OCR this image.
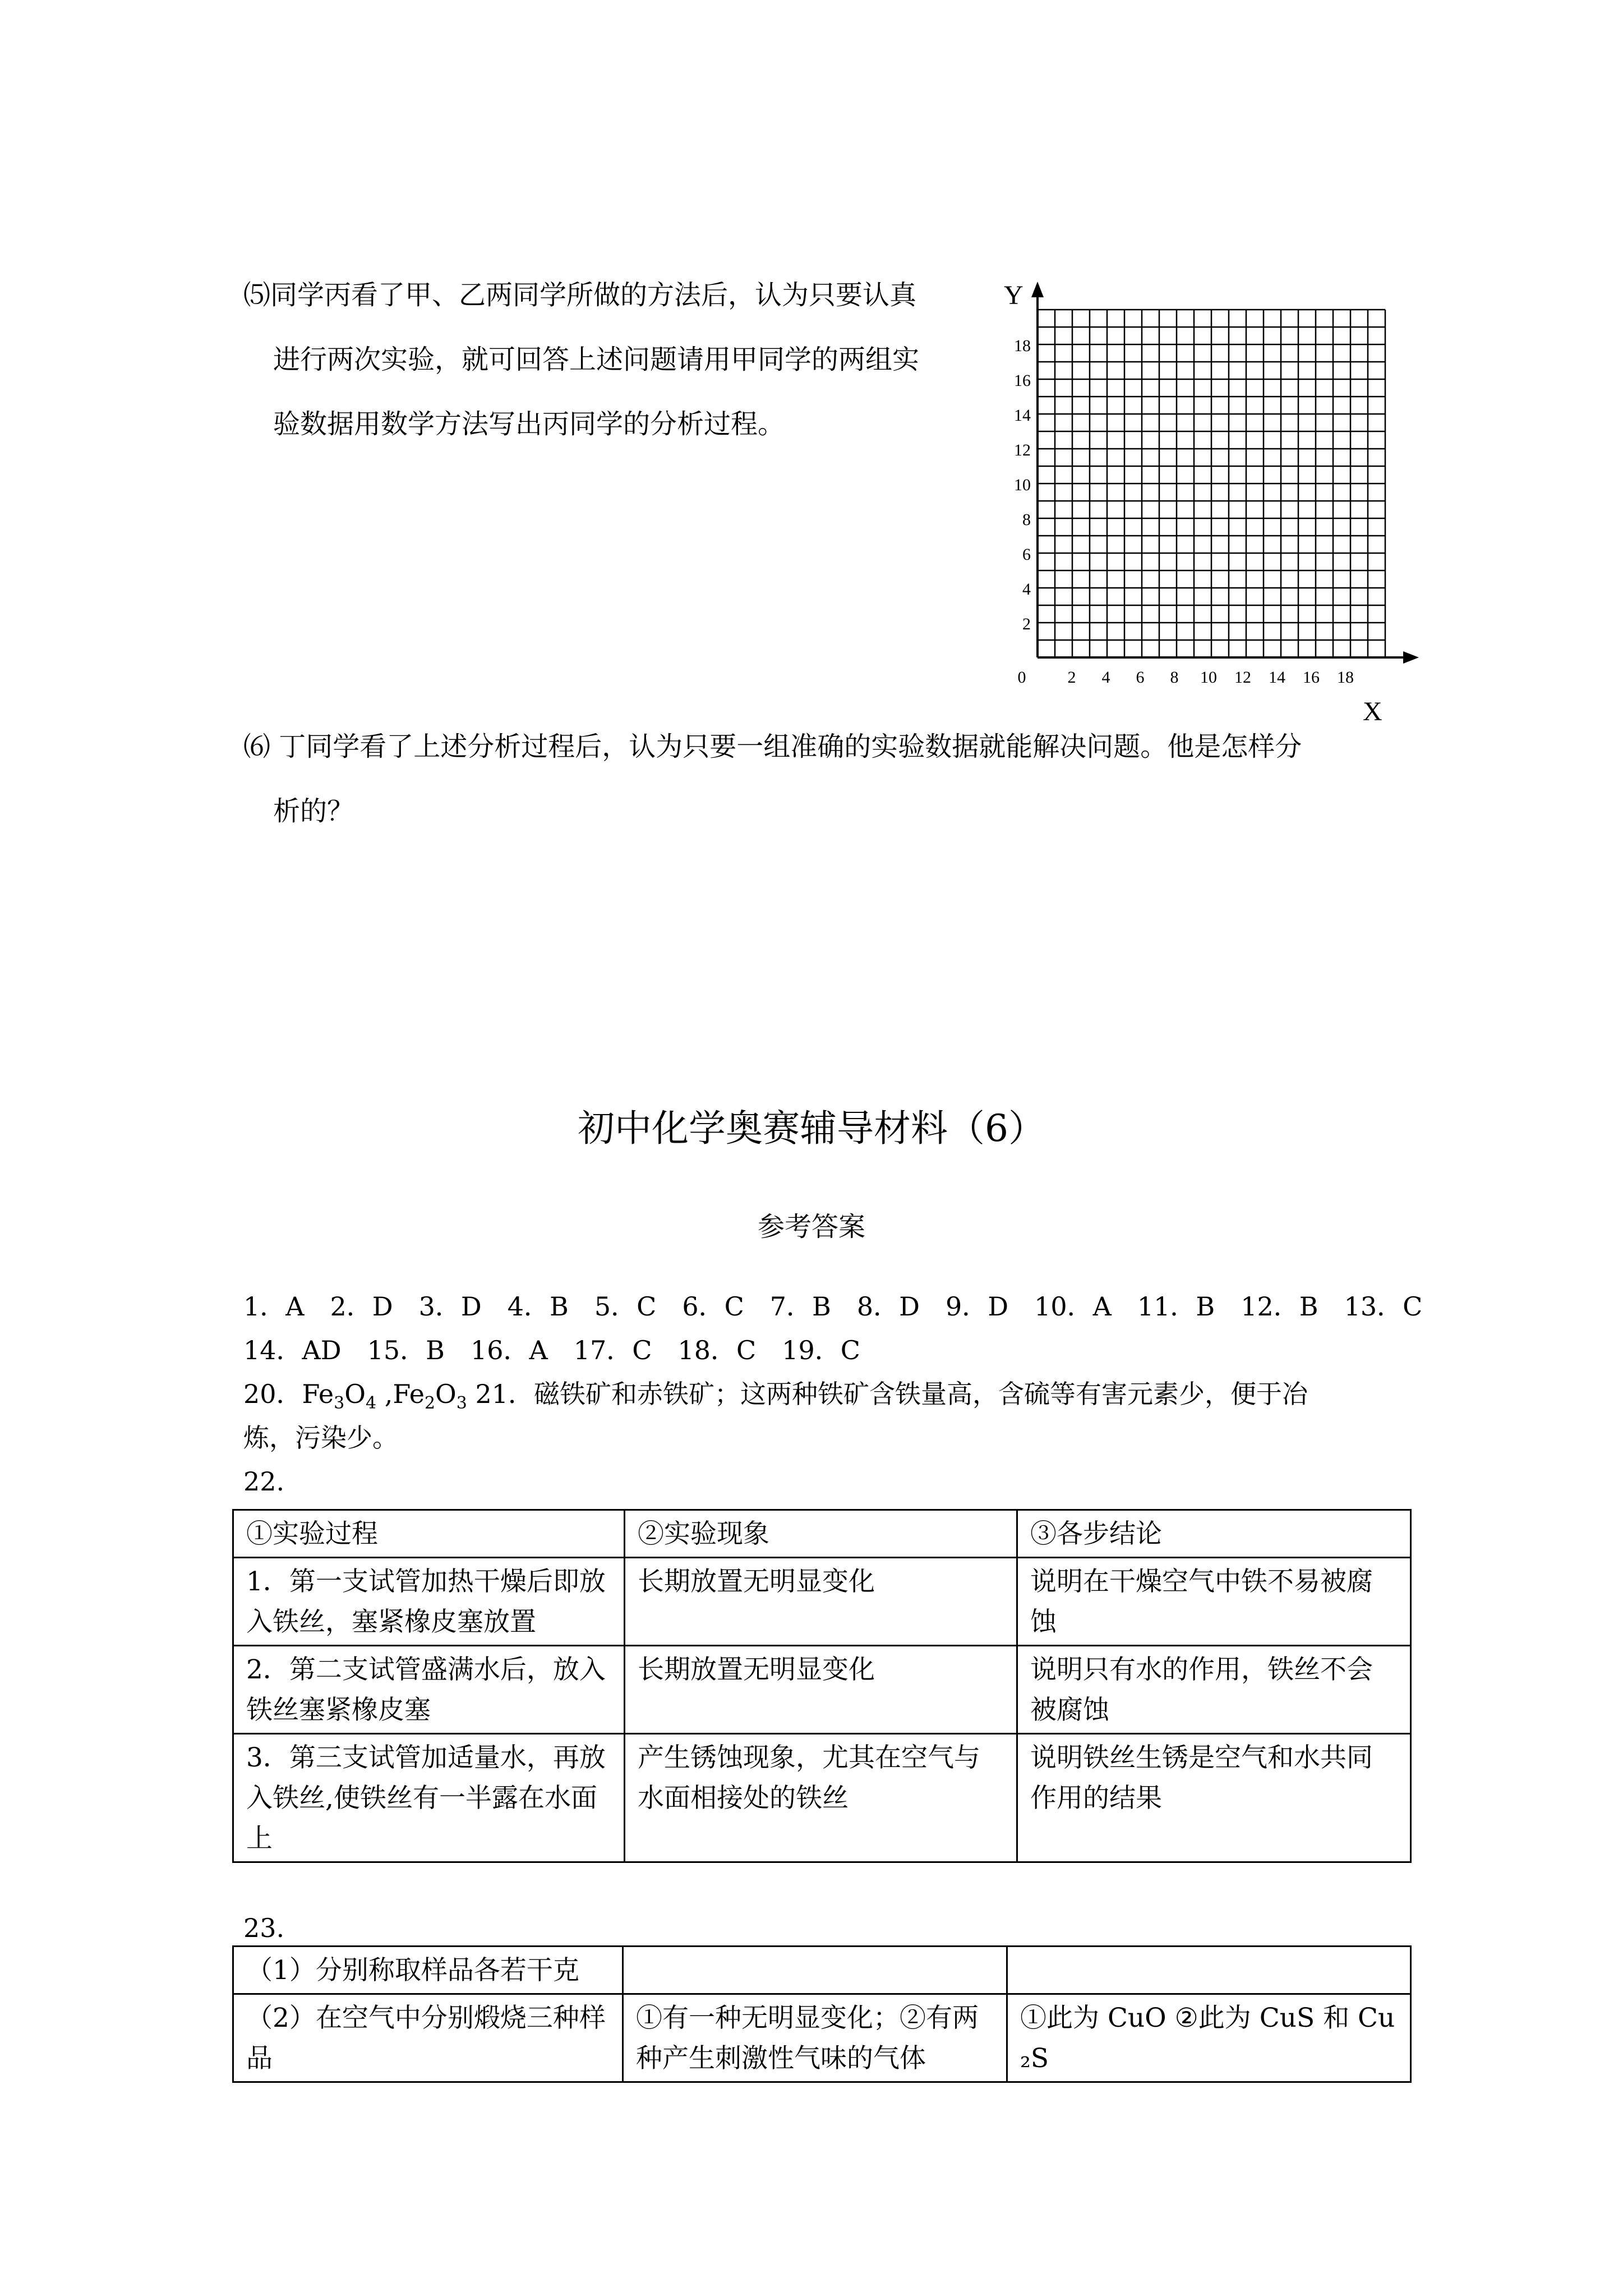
⑸同学丙看了甲、乙两同学所做的方法后，认为只要认真
进行两次实验，就可回答上述问题请用甲同学的两组实
验数据用数学方法写出丙同学的分析过程。
Y
X
18
16
14
12
10
8
6
4
2
0 2 4 6 8 10 12 14 16 18
⑹ 丁同学看了上述分析过程后，认为只要一组准确的实验数据就能解决问题。他是怎样分
析的？
初中化学奥赛辅导材料（6）
参考答案
1．A　2．D　3．D　4．B　5．C　6．C　7．B　8．D　9．D　10．A　11．B　12．B　13．C
14．AD　15．B　16．A　17．C　18．C　19．C
20．$Fe_3O_4$ $,Fe_2O_3$ 21．磁铁矿和赤铁矿；这两种铁矿含铁量高，含硫等有害元素少，便于冶
炼，污染少。
22.
①实验过程	②实验现象	③各步结论
1．第一支试管加热干燥后即放入铁丝，塞紧橡皮塞放置	长期放置无明显变化	说明在干燥空气中铁不易被腐蚀
2．第二支试管盛满水后，放入铁丝塞紧橡皮塞	长期放置无明显变化	说明只有水的作用，铁丝不会被腐蚀
3．第三支试管加适量水，再放入铁丝,使铁丝有一半露在水面上	产生锈蚀现象，尤其在空气与水面相接处的铁丝	说明铁丝生锈是空气和水共同作用的结果
23.
（1）分别称取样品各若干克		
（2）在空气中分别煅烧三种样品	①有一种无明显变化；②有两种产生刺激性气味的气体	①此为 CuO ②此为 CuS 和 Cu₂S
